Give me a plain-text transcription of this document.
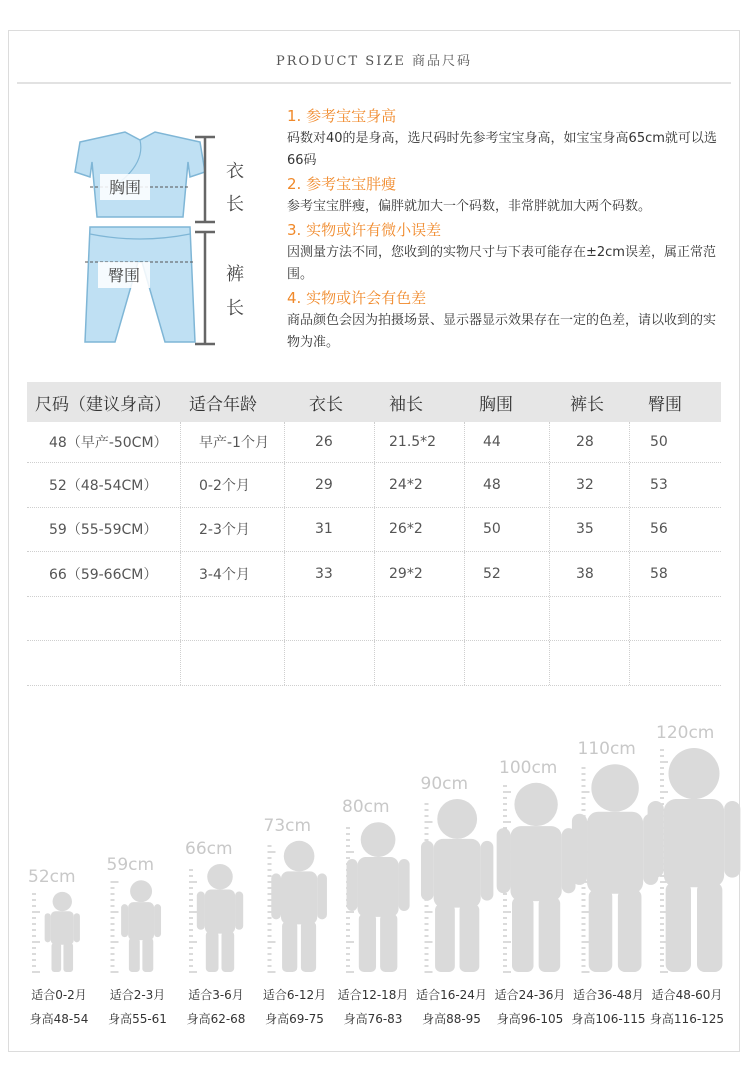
PRODUCT SIZE 商品尺码
胸围
臀围
衣
长
裤
长
1. 参考宝宝身高
码数对40的是身高，选尺码时先参考宝宝身高，如宝宝身高65cm就可以选66码
2. 参考宝宝胖瘦
参考宝宝胖瘦，偏胖就加大一个码数，非常胖就加大两个码数。
3. 实物或许有微小误差
因测量方法不同，您收到的实物尺寸与下表可能存在±2cm误差，属正常范围。
4. 实物或许会有色差
商品颜色会因为拍摄场景、显示器显示效果存在一定的色差，请以收到的实物为准。
尺码（建议身高）	适合年龄	衣长	袖长	胸围	裤长	臀围
48（早产-50CM）	早产-1个月	26	21.5*2	44	28	50
52（48-54CM）	0-2个月	29	24*2	48	32	53
59（55-59CM）	2-3个月	31	26*2	50	35	56
66（59-66CM）	3-4个月	33	29*2	52	38	58
52cm
59cm
66cm
73cm
80cm
90cm
100cm
110cm
120cm
适合0-2月
身高48-54
适合2-3月
身高55-61
适合3-6月
身高62-68
适合6-12月
身高69-75
适合12-18月
身高76-83
适合16-24月
身高88-95
适合24-36月
身高96-105
适合36-48月
身高106-115
适合48-60月
身高116-125
